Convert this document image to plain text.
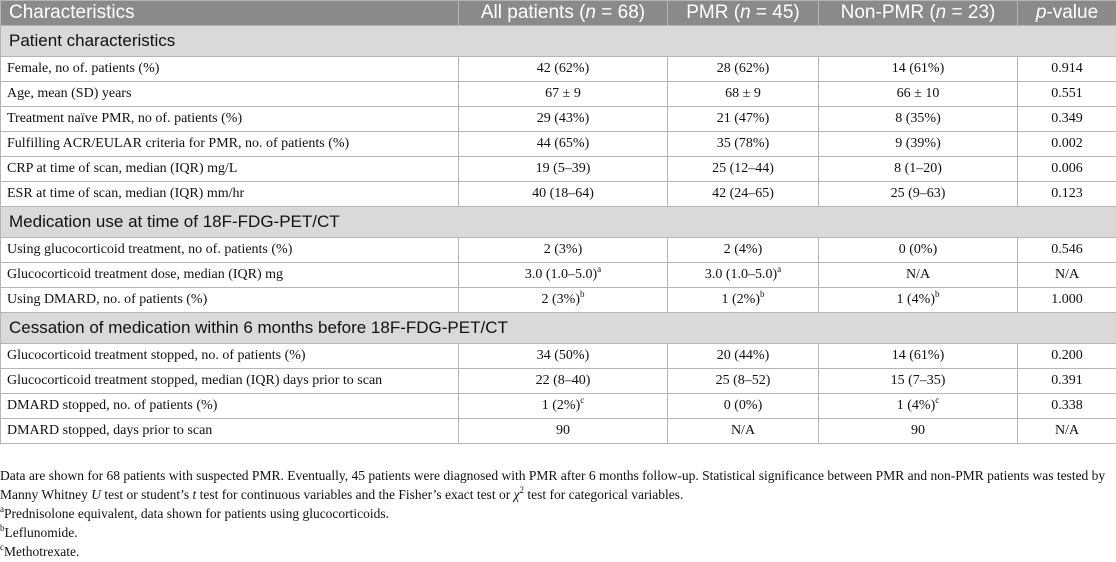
Characteristics	All patients (n = 68)	PMR (n = 45)	Non-PMR (n = 23)	p-value
Patient characteristics				
Female, no of. patients (%)	42 (62%)	28 (62%)	14 (61%)	0.914
Age, mean (SD) years	67 ± 9	68 ± 9	66 ± 10	0.551
Treatment naïve PMR, no of. patients (%)	29 (43%)	21 (47%)	8 (35%)	0.349
Fulfilling ACR/EULAR criteria for PMR, no. of patients (%)	44 (65%)	35 (78%)	9 (39%)	0.002
CRP at time of scan, median (IQR) mg/L	19 (5–39)	25 (12–44)	8 (1–20)	0.006
ESR at time of scan, median (IQR) mm/hr	40 (18–64)	42 (24–65)	25 (9–63)	0.123
Medication use at time of 18F-FDG-PET/CT				
Using glucocorticoid treatment, no of. patients (%)	2 (3%)	2 (4%)	0 (0%)	0.546
Glucocorticoid treatment dose, median (IQR) mg	3.0 $(1.0-5.0)^a$	3.0 $(1.0-5.0)^a$	N/A	N/A
Using DMARD, no. of patients (%)	2 $(3\%)^b$	1 $(2\%)^b$	1 $(4\%)^b$	1.000
Cessation of medication within 6 months before 18F-FDG-PET/CT				
Glucocorticoid treatment stopped, no. of patients (%)	34 (50%)	20 (44%)	14 (61%)	0.200
Glucocorticoid treatment stopped, median (IQR) days prior to scan	22 (8–40)	25 (8–52)	15 (7–35)	0.391
DMARD stopped, no. of patients (%)	1 $(2\%)^c$	0 (0%)	1 $(4\%)^c$	0.338
DMARD stopped, days prior to scan	90	N/A	90	N/A

Data are shown for 68 patients with suspected PMR. Eventually, 45 patients were diagnosed with PMR after 6 months follow-up. Statistical significance between PMR and non-PMR patients was tested by Manny Whitney U test or student’s t test for continuous variables and the Fisher’s exact test or $\chi^2$ test for categorical variables.

$^a$Prednisolone equivalent, data shown for patients using glucocorticoids.

$^b$Leflunomide.

$^c$Methotrexate.
